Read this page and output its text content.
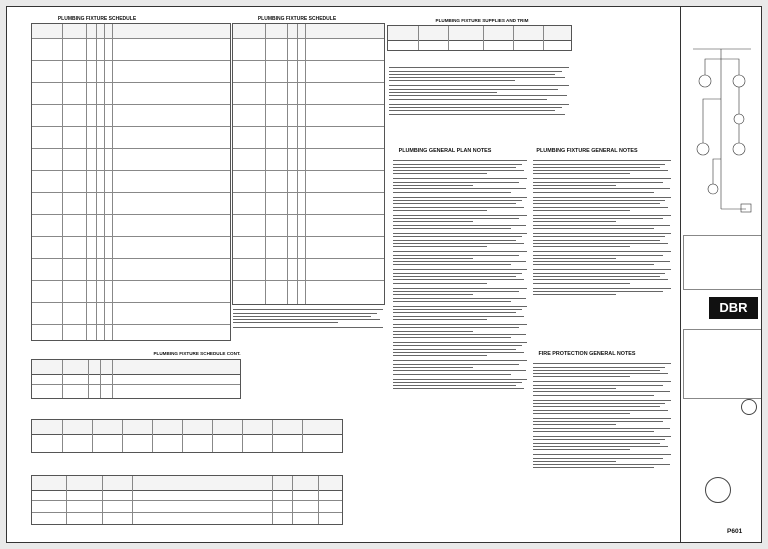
PLUMBING FIXTURE SCHEDULE	PLUMBING FIXTURE SCHEDULE
PLUMBING FIXTURE SCHEDULE CONT.
PLUMBING FIXTURE SUPPLIES AND TRIM
PLUMBING GENERAL PLAN NOTES	PLUMBING FIXTURE GENERAL NOTES
FIRE PROTECTION GENERAL NOTES
DBR
P601
